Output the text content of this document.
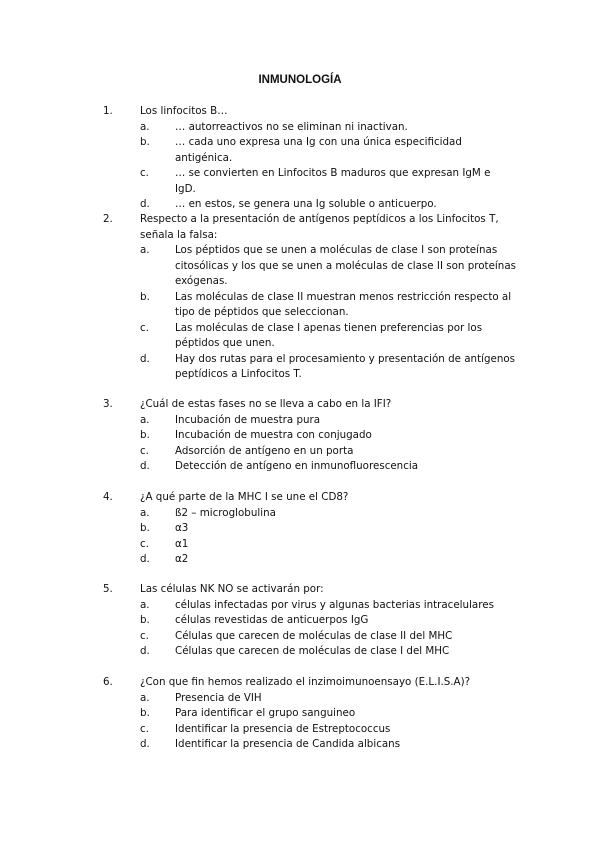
INMUNOLOGÍA
1.	Los linfocitos B…
a. … autorreactivos no se eliminan ni inactivan.
b. … cada uno expresa una Ig con una única especificidad antigénica.
c.	… se convierten en Linfocitos B maduros que expresan IgM e IgD.
d. … en estos, se genera una Ig soluble o anticuerpo.
2.	Respecto a la presentación de antígenos peptídicos a los Linfocitos T, señala la falsa:
a. Los péptidos que se unen a moléculas de clase I son proteínas citosólicas y los que se unen a moléculas de clase II son proteínas exógenas.
b. Las moléculas de clase II muestran menos restricción respecto al tipo de péptidos que seleccionan.
c.	Las moléculas de clase I apenas tienen preferencias por los péptidos que unen.
d. Hay dos rutas para el procesamiento y presentación de antígenos peptídicos a Linfocitos T.
3.	¿Cuál de estas fases no se lleva a cabo en la IFI?
a. Incubación de muestra pura
b. Incubación de muestra con conjugado
c.	Adsorción de antígeno en un porta
d. Detección de antígeno en inmunofluorescencia
4.	¿A qué parte de la MHC I se une el CD8?
a. ß2 – microglobulina
b. α3
c.	α1
d. α2
5.	Las células NK NO se activarán por:
a. células infectadas por virus y algunas bacterias intracelulares
b. células revestidas de anticuerpos IgG
c.	Células que carecen de moléculas de clase II del MHC
d. Células que carecen de moléculas de clase I del MHC
6.	¿Con que fin hemos realizado el inzimoimunoensayo (E.L.I.S.A)?
a. Presencia de VIH
b. Para identificar el grupo sanguineo
c.	Identificar la presencia de Estreptococcus
d. Identificar la presencia de Candida albicans
